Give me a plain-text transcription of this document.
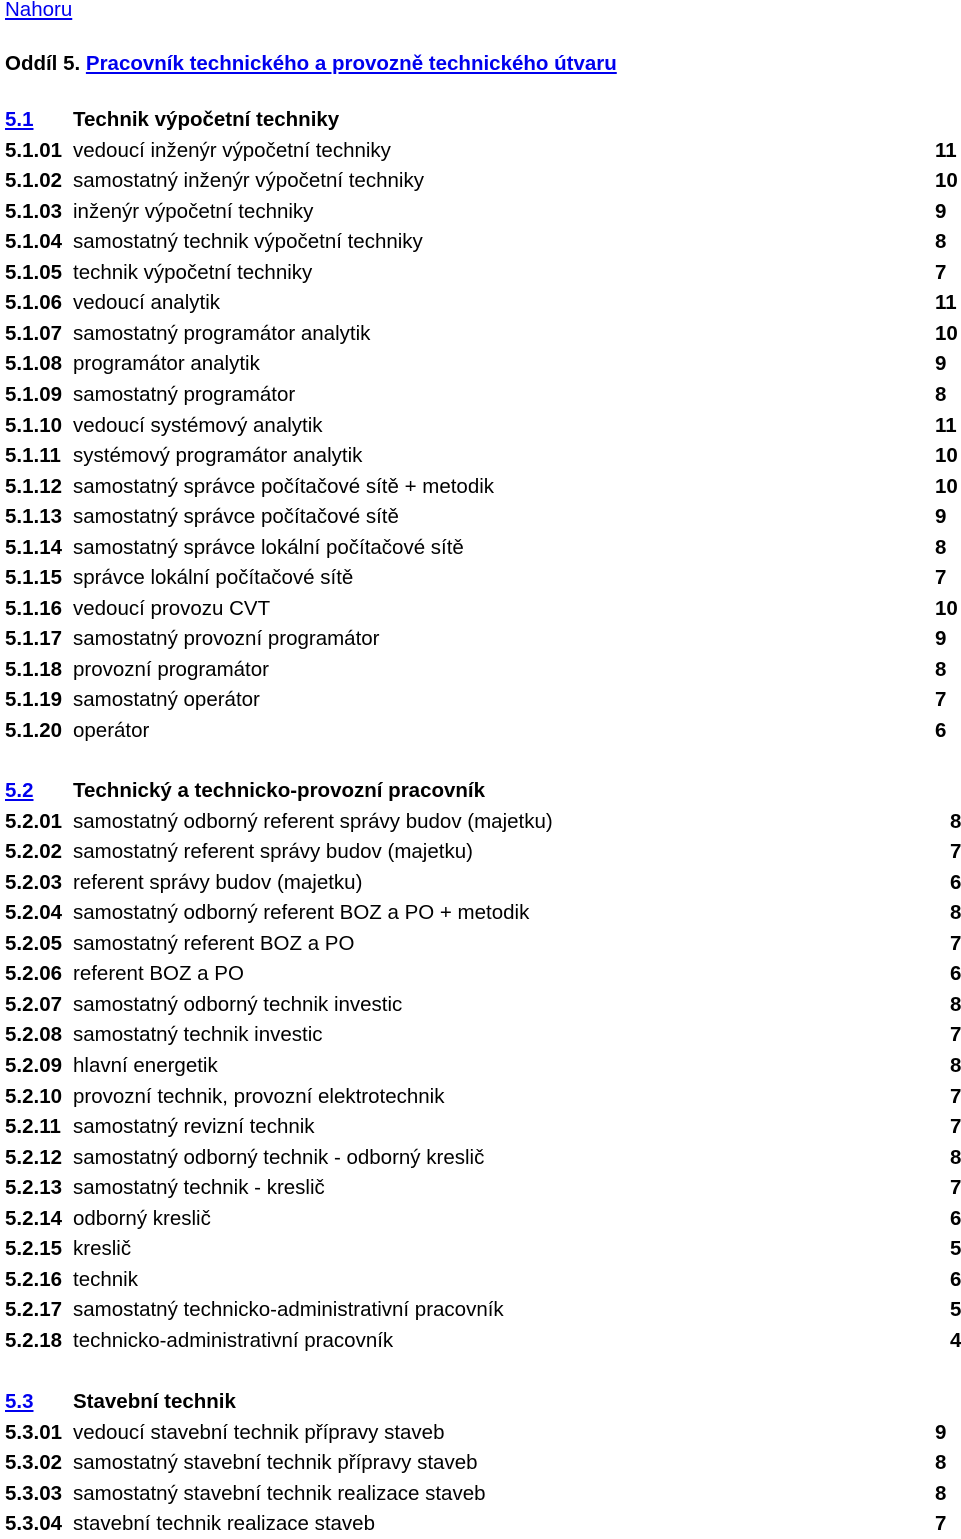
Nahoru
Oddíl 5. Pracovník technického a provozně technického útvaru
5.1 Technik výpočetní techniky
5.1.01 vedoucí inženýr výpočetní techniky	11
5.1.02 samostatný inženýr výpočetní techniky	10
5.1.03 inženýr výpočetní techniky	9
5.1.04 samostatný technik výpočetní techniky	8
5.1.05 technik výpočetní techniky	7
5.1.06 vedoucí analytik	11
5.1.07 samostatný programátor analytik	10
5.1.08 programátor analytik	9
5.1.09 samostatný programátor	8
5.1.10 vedoucí systémový analytik	11
5.1.11 systémový programátor analytik	10
5.1.12 samostatný správce počítačové sítě + metodik	10
5.1.13 samostatný správce počítačové sítě	9
5.1.14 samostatný správce lokální počítačové sítě	8
5.1.15 správce lokální počítačové sítě	7
5.1.16 vedoucí provozu CVT	10
5.1.17 samostatný provozní programátor	9
5.1.18 provozní programátor	8
5.1.19 samostatný operátor	7
5.1.20 operátor	6
5.2 Technický a technicko-provozní pracovník
5.2.01 samostatný odborný referent správy budov (majetku)	8
5.2.02 samostatný referent správy budov (majetku)	7
5.2.03 referent správy budov (majetku)	6
5.2.04 samostatný odborný referent BOZ a PO + metodik	8
5.2.05 samostatný referent BOZ a PO	7
5.2.06 referent BOZ a PO	6
5.2.07 samostatný odborný technik investic	8
5.2.08 samostatný technik investic	7
5.2.09 hlavní energetik	8
5.2.10 provozní technik, provozní elektrotechnik	7
5.2.11 samostatný revizní technik	7
5.2.12 samostatný odborný technik - odborný kreslič	8
5.2.13 samostatný technik - kreslič	7
5.2.14 odborný kreslič	6
5.2.15 kreslič	5
5.2.16 technik	6
5.2.17 samostatný technicko-administrativní pracovník	5
5.2.18 technicko-administrativní pracovník	4
5.3 Stavební technik
5.3.01 vedoucí stavební technik přípravy staveb	9
5.3.02 samostatný stavební technik přípravy staveb	8
5.3.03 samostatný stavební technik realizace staveb	8
5.3.04 stavební technik realizace staveb	7
